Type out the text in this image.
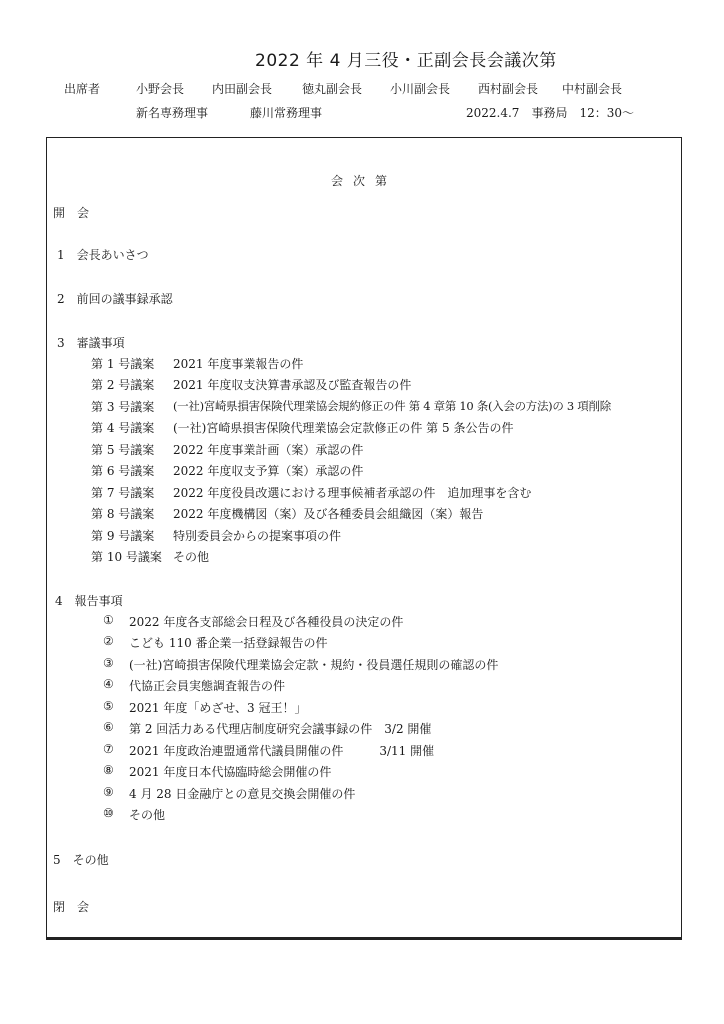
2022 年 4 月三役・正副会長会議次第
出席者	小野会長 内田副会長 徳丸副会長 小川副会長 西村副会長 中村副会長
新名専務理事	藤川常務理事	2022.4.7　事務局　12：30～
会次第
開　会
1　会長あいさつ
2　前回の議事録承認
3　審議事項
第 1 号議案 2021 年度事業報告の件
第 2 号議案 2021 年度収支決算書承認及び監査報告の件
第 3 号議案 (一社)宮崎県損害保険代理業協会規約修正の件 第 4 章第 10 条(入会の方法)の 3 項削除
第 4 号議案 (一社)宮崎県損害保険代理業協会定款修正の件 第 5 条公告の件
第 5 号議案 2022 年度事業計画（案）承認の件
第 6 号議案 2022 年度収支予算（案）承認の件
第 7 号議案 2022 年度役員改選における理事候補者承認の件　追加理事を含む
第 8 号議案 2022 年度機構図（案）及び各種委員会組織図（案）報告
第 9 号議案 特別委員会からの提案事項の件
第 10 号議案 その他
4　報告事項
① 2022 年度各支部総会日程及び各種役員の決定の件
② こども 110 番企業一括登録報告の件
③ (一社)宮崎損害保険代理業協会定款・規約・役員選任規則の確認の件
④ 代協正会員実態調査報告の件
⑤ 2021 年度「めざせ、3 冠王！」
⑥ 第 2 回活力ある代理店制度研究会議事録の件　3/2 開催
⑦ 2021 年度政治連盟通常代議員開催の件　　　3/11 開催
⑧ 2021 年度日本代協臨時総会開催の件
⑨ 4 月 28 日金融庁との意見交換会開催の件
⑩ その他
5　その他
閉　会
